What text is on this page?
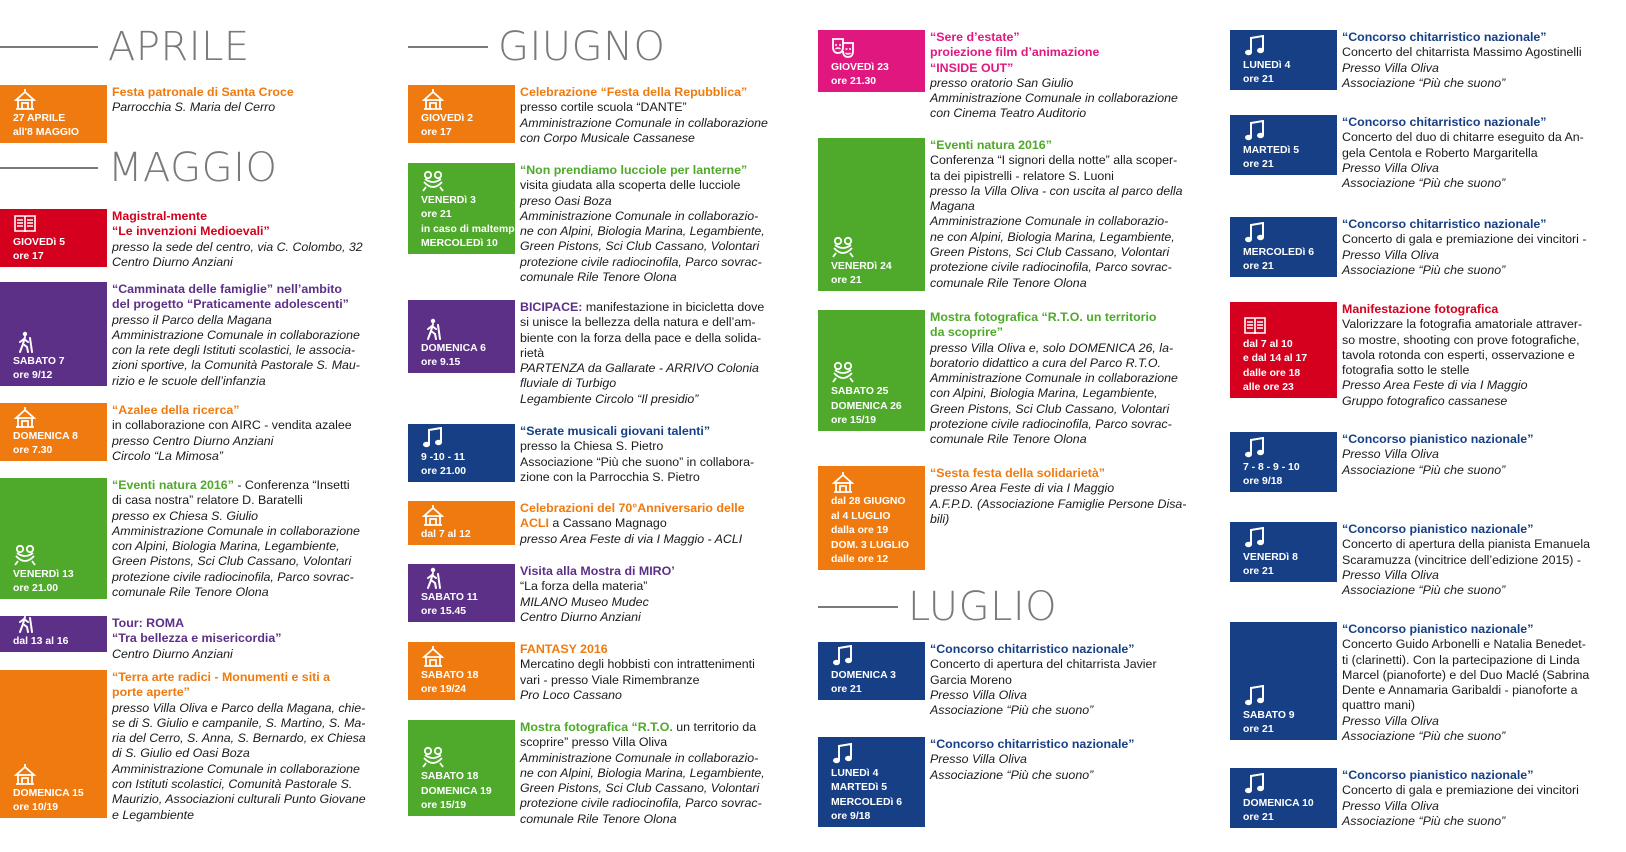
APRILE
MAGGIO
GIUGNO
LUGLIO
27 APRILE
all'8 MAGGIO
Festa patronale di Santa Croce
Parrocchia S. Maria del Cerro
GIOVEDì 5
ore 17
Magistral-mente
“Le invenzioni Medioevali”
presso la sede del centro, via C. Colombo, 32
Centro Diurno Anziani
SABATO 7
ore 9/12
“Camminata delle famiglie” nell’ambito
del progetto “Praticamente adolescenti”
presso il Parco della Magana
Amministrazione Comunale in collaborazione
con la rete degli Istituti scolastici, le associa-
zioni sportive, la Comunità Pastorale S. Mau-
rizio e le scuole dell’infanzia
DOMENICA 8
ore 7.30
“Azalee della ricerca”
in collaborazione con AIRC - vendita azalee
presso Centro Diurno Anziani
Circolo “La Mimosa”
VENERDì 13
ore 21.00
“Eventi natura 2016” - Conferenza “Insetti
di casa nostra” relatore D. Baratelli
presso ex Chiesa S. Giulio
Amministrazione Comunale in collaborazione
con Alpini, Biologia Marina, Legambiente,
Green Pistons, Sci Club Cassano, Volontari
protezione civile radiocinofila, Parco sovrac-
comunale Rile Tenore Olona
dal 13 al 16
Tour: ROMA
“Tra bellezza e misericordia”
Centro Diurno Anziani
DOMENICA 15
ore 10/19
“Terra arte radici - Monumenti e siti a
porte aperte”
presso Villa Oliva e Parco della Magana, chie-
se di S. Giulio e campanile, S. Martino, S. Ma-
ria del Cerro, S. Anna, S. Bernardo, ex Chiesa
di S. Giulio ed Oasi Boza
Amministrazione Comunale in collaborazione
con Istituti scolastici, Comunità Pastorale S.
Maurizio, Associazioni culturali Punto Giovane
e Legambiente
GIOVEDì 2
ore 17
Celebrazione “Festa della Repubblica”
presso cortile scuola “DANTE”
Amministrazione Comunale in collaborazione
con Corpo Musicale Cassanese
VENERDì 3
ore 21
in caso di maltempo
MERCOLEDì 10
“Non prendiamo lucciole per lanterne”
visita giudata alla scoperta delle lucciole
preso Oasi Boza
Amministrazione Comunale in collaborazio-
ne con Alpini, Biologia Marina, Legambiente,
Green Pistons, Sci Club Cassano, Volontari
protezione civile radiocinofila, Parco sovrac-
comunale Rile Tenore Olona
DOMENICA 6
ore 9.15
BICIPACE: manifestazione in bicicletta dove
si unisce la bellezza della natura e dell’am-
biente con la forza della pace e della solida-
rietà
PARTENZA da Gallarate - ARRIVO Colonia
fluviale di Turbigo
Legambiente Circolo “Il presidio”
9 -10 - 11
ore 21.00
“Serate musicali giovani talenti”
presso la Chiesa S. Pietro
Associazione “Più che suono” in collabora-
zione con la Parrocchia S. Pietro
dal 7 al 12
Celebrazioni del 70°Anniversario delle
ACLI a Cassano Magnago
presso Area Feste di via I Maggio - ACLI
SABATO 11
ore 15.45
Visita alla Mostra di MIRO’
“La forza della materia”
MILANO Museo Mudec
Centro Diurno Anziani
SABATO 18
ore 19/24
FANTASY 2016
Mercatino degli hobbisti con intrattenimenti
vari - presso Viale Rimembranze
Pro Loco Cassano
SABATO 18
DOMENICA 19
ore 15/19
Mostra fotografica “R.T.O. un territorio da
scoprire” presso Villa Oliva
Amministrazione Comunale in collaborazio-
ne con Alpini, Biologia Marina, Legambiente,
Green Pistons, Sci Club Cassano, Volontari
protezione civile radiocinofila, Parco sovrac-
comunale Rile Tenore Olona
GIOVEDì 23
ore 21.30
“Sere d’estate”
proiezione film d’animazione
“INSIDE OUT”
presso oratorio San Giulio
Amministrazione Comunale in collaborazione
con Cinema Teatro Auditorio
VENERDì 24
ore 21
“Eventi natura 2016”
Conferenza “I signori della notte” alla scoper-
ta dei pipistrelli - relatore S. Luoni
presso la Villa Oliva - con uscita al parco della
Magana
Amministrazione Comunale in collaborazio-
ne con Alpini, Biologia Marina, Legambiente,
Green Pistons, Sci Club Cassano, Volontari
protezione civile radiocinofila, Parco sovrac-
comunale Rile Tenore Olona
SABATO 25
DOMENICA 26
ore 15/19
Mostra fotografica “R.T.O. un territorio
da scoprire”
presso Villa Oliva e, solo DOMENICA 26, la-
boratorio didattico a cura del Parco R.T.O.
Amministrazione Comunale in collaborazione
con Alpini, Biologia Marina, Legambiente,
Green Pistons, Sci Club Cassano, Volontari
protezione civile radiocinofila, Parco sovrac-
comunale Rile Tenore Olona
dal 28 GIUGNO
al 4 LUGLIO
dalla ore 19
DOM. 3 LUGLIO
dalle ore 12
“Sesta festa della solidarietà”
presso Area Feste di via I Maggio
A.F.P.D. (Associazione Famiglie Persone Disa-
bili)
DOMENICA 3
ore 21
“Concorso chitarristico nazionale”
Concerto di apertura del chitarrista Javier
Garcia Moreno
Presso Villa Oliva
Associazione “Più che suono”
LUNEDì 4
MARTEDì 5
MERCOLEDì 6
ore 9/18
“Concorso chitarristico nazionale”
Presso Villa Oliva
Associazione “Più che suono”
LUNEDì 4
ore 21
“Concorso chitarristico nazionale”
Concerto del chitarrista Massimo Agostinelli
Presso Villa Oliva
Associazione “Più che suono”
MARTEDì 5
ore 21
“Concorso chitarristico nazionale”
Concerto del duo di chitarre eseguito da An-
gela Centola e Roberto Margaritella
Presso Villa Oliva
Associazione “Più che suono”
MERCOLEDì 6
ore 21
“Concorso chitarristico nazionale”
Concerto di gala e premiazione dei vincitori -
Presso Villa Oliva
Associazione “Più che suono”
dal 7 al 10
e dal 14 al 17
dalle ore 18
alle ore 23
Manifestazione fotografica
Valorizzare la fotografia amatoriale attraver-
so mostre, shooting con prove fotografiche,
tavola rotonda con esperti, osservazione e
fotografia sotto le stelle
Presso Area Feste di via I Maggio
Gruppo fotografico cassanese
7 - 8 - 9 - 10
ore 9/18
“Concorso pianistico nazionale”
Presso Villa Oliva
Associazione “Più che suono”
VENERDì 8
ore 21
“Concorso pianistico nazionale”
Concerto di apertura della pianista Emanuela
Scaramuzza (vincitrice dell’edizione 2015) -
Presso Villa Oliva
Associazione “Più che suono”
SABATO 9
ore 21
“Concorso pianistico nazionale”
Concerto Guido Arbonelli e Natalia Benedet-
ti (clarinetti). Con la partecipazione di Linda
Marcel (pianoforte) e del Duo Maclé (Sabrina
Dente e Annamaria Garibaldi - pianoforte a
quattro mani)
Presso Villa Oliva
Associazione “Più che suono”
DOMENICA 10
ore 21
“Concorso pianistico nazionale”
Concerto di gala e premiazione dei vincitori
Presso Villa Oliva
Associazione “Più che suono”
